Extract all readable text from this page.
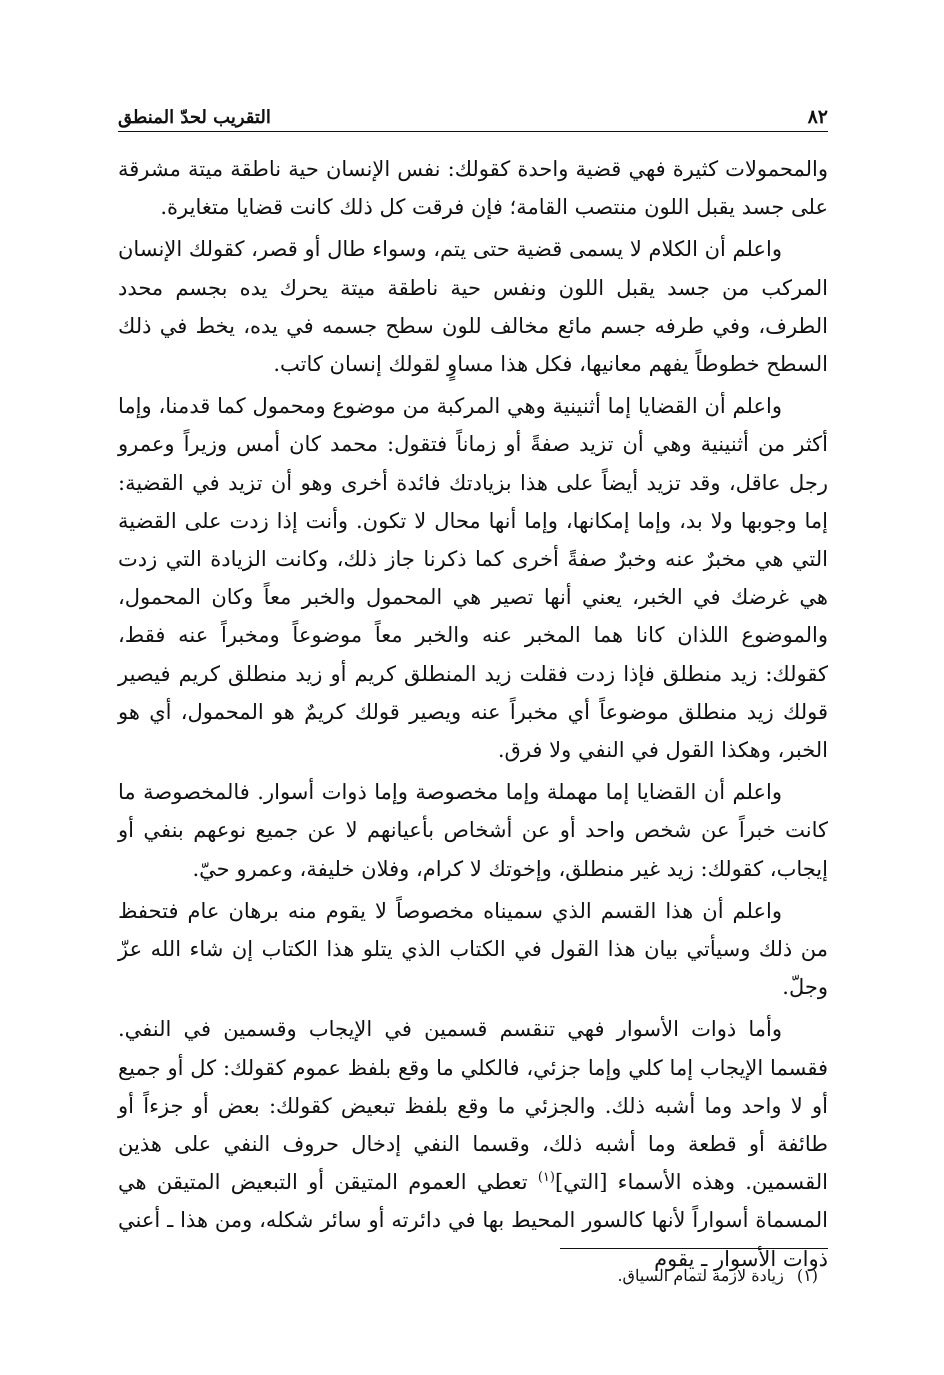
٨٢
التقريب لحدّ المنطق

والمحمولات كثيرة فهي قضية واحدة كقولك: نفس الإنسان حية ناطقة ميتة مشرقة على جسد يقبل اللون منتصب القامة؛ فإن فرقت كل ذلك كانت قضايا متغايرة.

واعلم أن الكلام لا يسمى قضية حتى يتم، وسواء طال أو قصر، كقولك الإنسان المركب من جسد يقبل اللون ونفس حية ناطقة ميتة يحرك يده بجسم محدد الطرف، وفي طرفه جسم مائع مخالف للون سطح جسمه في يده، يخط في ذلك السطح خطوطاً يفهم معانيها، فكل هذا مساوٍ لقولك إنسان كاتب.

واعلم أن القضايا إما أثنينية وهي المركبة من موضوع ومحمول كما قدمنا، وإما أكثر من أثنينية وهي أن تزيد صفةً أو زماناً فتقول: محمد كان أمس وزيراً وعمرو رجل عاقل، وقد تزيد أيضاً على هذا بزيادتك فائدة أخرى وهو أن تزيد في القضية: إما وجوبها ولا بد، وإما إمكانها، وإما أنها محال لا تكون. وأنت إذا زدت على القضية التي هي مخبرٌ عنه وخبرٌ صفةً أخرى كما ذكرنا جاز ذلك، وكانت الزيادة التي زدت هي غرضك في الخبر، يعني أنها تصير هي المحمول والخبر معاً وكان المحمول، والموضوع اللذان كانا هما المخبر عنه والخبر معاً موضوعاً ومخبراً عنه فقط، كقولك: زيد منطلق فإذا زدت فقلت زيد المنطلق كريم أو زيد منطلق كريم فيصير قولك زيد منطلق موضوعاً أي مخبراً عنه ويصير قولك كريمٌ هو المحمول، أي هو الخبر، وهكذا القول في النفي ولا فرق.

واعلم أن القضايا إما مهملة وإما مخصوصة وإما ذوات أسوار. فالمخصوصة ما كانت خبراً عن شخص واحد أو عن أشخاص بأعيانهم لا عن جميع نوعهم بنفي أو إيجاب، كقولك: زيد غير منطلق، وإخوتك لا كرام، وفلان خليفة، وعمرو حيّ.

واعلم أن هذا القسم الذي سميناه مخصوصاً لا يقوم منه برهان عام فتحفظ من ذلك وسيأتي بيان هذا القول في الكتاب الذي يتلو هذا الكتاب إن شاء الله عزّ وجلّ.

وأما ذوات الأسوار فهي تنقسم قسمين في الإيجاب وقسمين في النفي. فقسما الإيجاب إما كلي وإما جزئي، فالكلي ما وقع بلفظ عموم كقولك: كل أو جميع أو لا واحد وما أشبه ذلك. والجزئي ما وقع بلفظ تبعيض كقولك: بعض أو جزءاً أو طائفة أو قطعة وما أشبه ذلك، وقسما النفي إدخال حروف النفي على هذين القسمين. وهذه الأسماء [التي]$^{(١)}$ تعطي العموم المتيقن أو التبعيض المتيقن هي المسماة أسواراً لأنها كالسور المحيط بها في دائرته أو سائر شكله، ومن هذا ـ أعني ذوات الأسوار ـ يقوم

(١) زيادة لازمة لتمام السياق.
